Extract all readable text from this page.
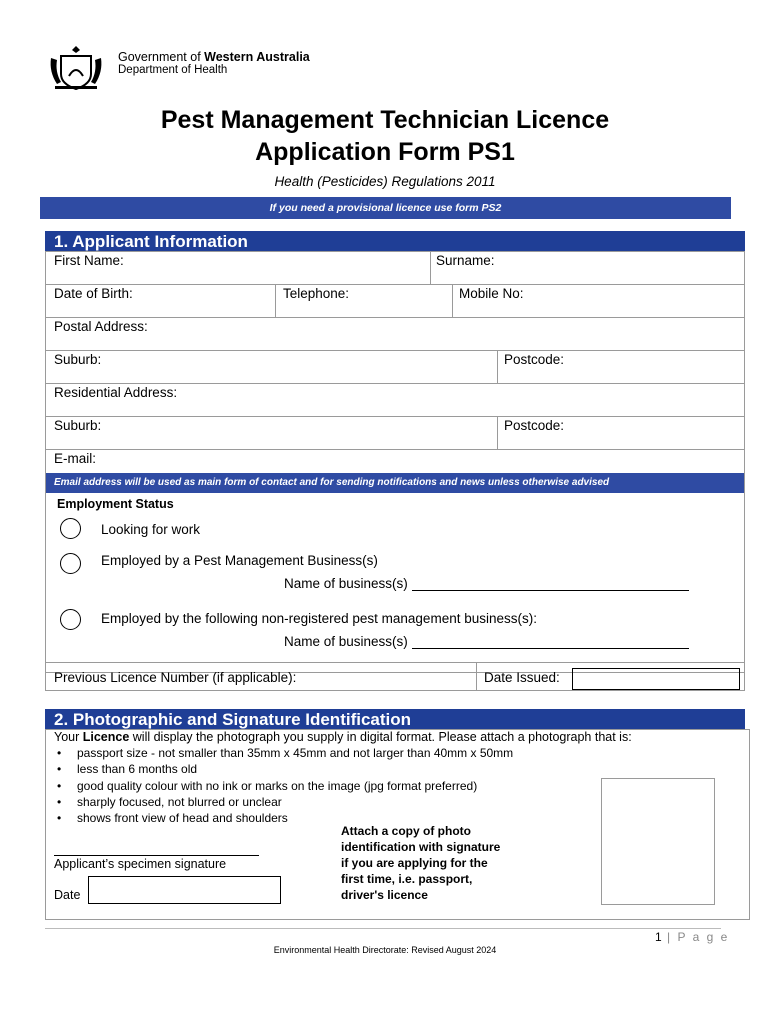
Government of Western Australia
Department of Health
Pest Management Technician Licence
Application Form PS1
Health (Pesticides) Regulations 2011
If you need a provisional licence use form PS2
1. Applicant Information
First Name:	Surname:
Date of Birth:	Telephone:	Mobile No:
Postal Address:
Suburb:	Postcode:
Residential Address:
Suburb:	Postcode:
E-mail:
Email address will be used as main form of contact and for sending notifications and news unless otherwise advised
Employment Status
Looking for work
Employed by a Pest Management Business(s)
Name of business(s)
Employed by the following non-registered pest management business(s):
Name of business(s)
Previous Licence Number (if applicable):	Date Issued:
2. Photographic and Signature Identification
Your Licence will display the photograph you supply in digital format. Please attach a photograph that is:
• passport size - not smaller than 35mm x 45mm and not larger than 40mm x 50mm
• less than 6 months old
• good quality colour with no ink or marks on the image (jpg format preferred)
• sharply focused, not blurred or unclear
• shows front view of head and shoulders
Attach a copy of photo
identification with signature
if you are applying for the
first time, i.e. passport,
driver's licence
Applicant’s specimen signature
Date
1 | P a g e
Environmental Health Directorate: Revised August 2024
